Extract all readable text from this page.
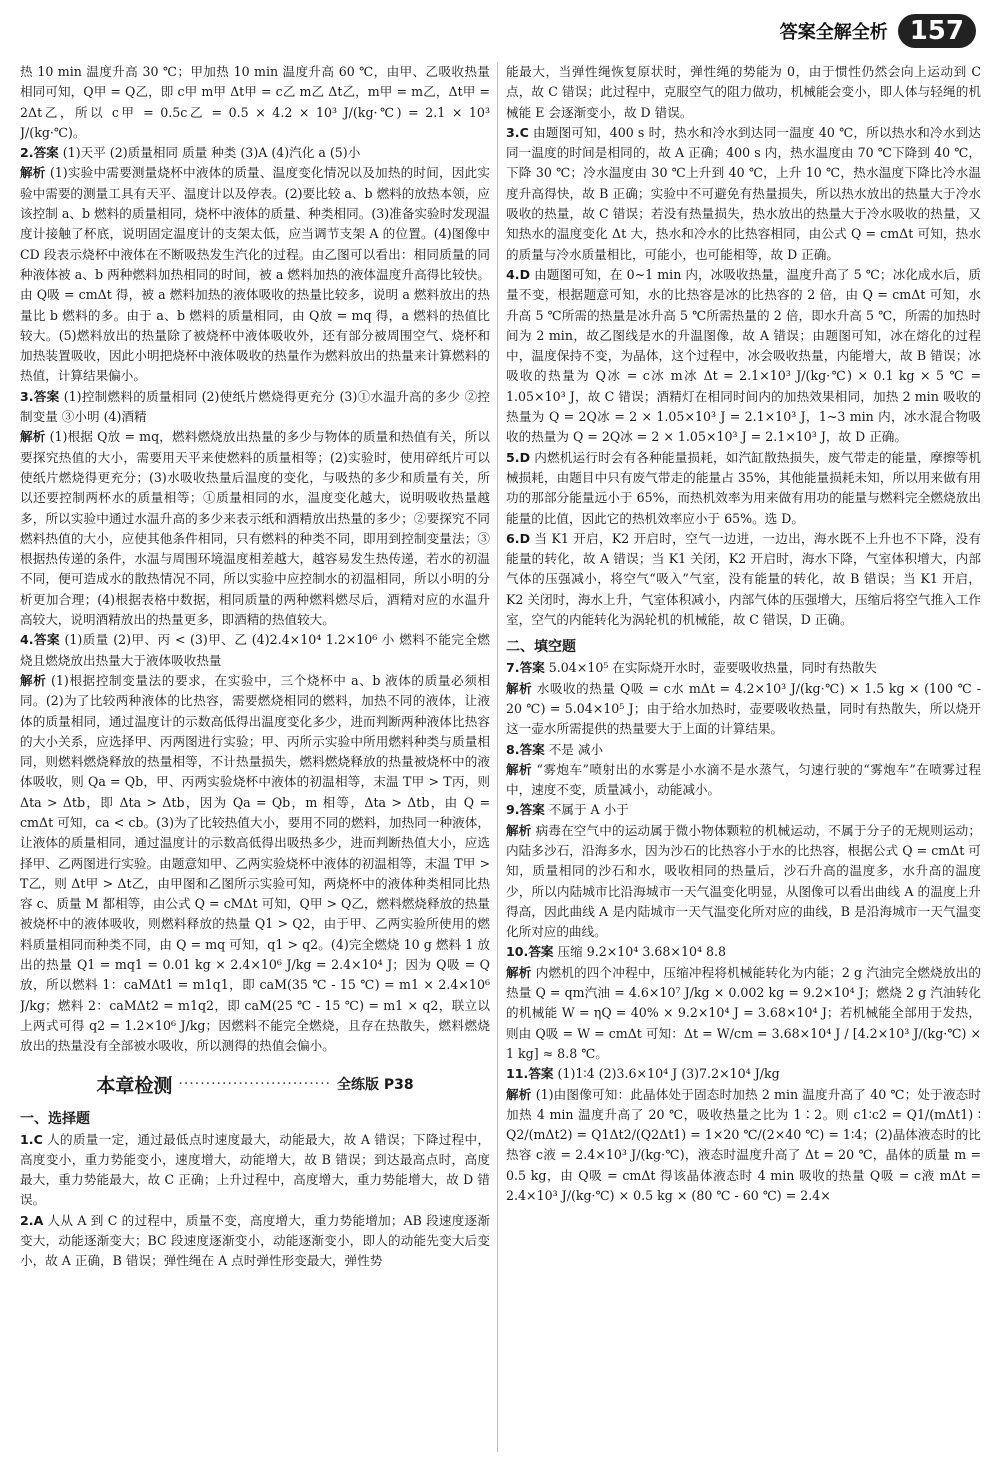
答案全解全析 157

热 10 min 温度升高 30 ℃；甲加热 10 min 温度升高 60 ℃，由甲、乙吸收热量相同可知，Q甲 = Q乙，即 c甲 m甲 Δt甲 = c乙 m乙 Δt乙，m甲 = m乙，Δt甲 = 2Δt乙，所以 c甲 = 0.5c乙 = 0.5 × 4.2 × 10³ J/(kg·℃) = 2.1 × 10³ J/(kg·℃)。

2.答案 (1)天平 (2)质量相同 质量 种类 (3)A (4)汽化 a (5)小

解析 (1)实验中需要测量烧杯中液体的质量、温度变化情况以及加热的时间，因此实验中需要的测量工具有天平、温度计以及停表。(2)要比较 a、b 燃料的放热本领，应该控制 a、b 燃料的质量相同，烧杯中液体的质量、种类相同。(3)准备实验时发现温度计接触了杯底，说明固定温度计的支架太低，应当调节支架 A 的位置。(4)图像中 CD 段表示烧杯中液体在不断吸热发生汽化的过程。由乙图可以看出：相同质量的同种液体被 a、b 两种燃料加热相同的时间，被 a 燃料加热的液体温度升高得比较快。由 Q吸 = cmΔt 得，被 a 燃料加热的液体吸收的热量比较多，说明 a 燃料放出的热量比 b 燃料的多。由于 a、b 燃料的质量相同，由 Q放 = mq 得，a 燃料的热值比较大。(5)燃料放出的热量除了被烧杯中液体吸收外，还有部分被周围空气、烧杯和加热装置吸收，因此小明把烧杯中液体吸收的热量作为燃料放出的热量来计算燃料的热值，计算结果偏小。

3.答案 (1)控制燃料的质量相同 (2)使纸片燃烧得更充分 (3)①水温升高的多少 ②控制变量 ③小明 (4)酒精

解析 (1)根据 Q放 = mq，燃料燃烧放出热量的多少与物体的质量和热值有关，所以要探究热值的大小，需要用天平来使燃料的质量相等；(2)实验时，使用碎纸片可以使纸片燃烧得更充分；(3)水吸收热量后温度的变化，与吸热的多少和质量有关，所以还要控制两杯水的质量相等；①质量相同的水，温度变化越大，说明吸收热量越多，所以实验中通过水温升高的多少来表示纸和酒精放出热量的多少；②要探究不同燃料热值的大小，应使其他条件相同，只有燃料的种类不同，即用到控制变量法；③根据热传递的条件，水温与周围环境温度相差越大，越容易发生热传递，若水的初温不同，便可造成水的散热情况不同，所以实验中应控制水的初温相同，所以小明的分析更加合理；(4)根据表格中数据，相同质量的两种燃料燃尽后，酒精对应的水温升高较大，说明酒精放出的热量更多，即酒精的热值较大。

4.答案 (1)质量 (2)甲、丙 < (3)甲、乙 (4)2.4×10⁴ 1.2×10⁶ 小 燃料不能完全燃烧且燃烧放出热量大于液体吸收热量

解析 (1)根据控制变量法的要求，在实验中，三个烧杯中 a、b 液体的质量必须相同。(2)为了比较两种液体的比热容，需要燃烧相同的燃料，加热不同的液体，让液体的质量相同，通过温度计的示数高低得出温度变化多少，进而判断两种液体比热容的大小关系，应选择甲、丙两图进行实验；甲、丙所示实验中所用燃料种类与质量相同，则燃料燃烧释放的热量相等，不计热量损失，燃料燃烧释放的热量被烧杯中的液体吸收，则 Qa = Qb，甲、丙两实验烧杯中液体的初温相等，末温 T甲 > T丙，则 Δta > Δtb，即 Δta > Δtb，因为 Qa = Qb，m 相等，Δta > Δtb，由 Q = cmΔt 可知，ca < cb。(3)为了比较热值大小，要用不同的燃料，加热同一种液体，让液体的质量相同，通过温度计的示数高低得出吸热多少，进而判断热值大小，应选择甲、乙两图进行实验。由题意知甲、乙两实验烧杯中液体的初温相等，末温 T甲 > T乙，则 Δt甲 > Δt乙，由甲图和乙图所示实验可知，两烧杯中的液体种类相同比热容 c、质量 M 都相等，由公式 Q = cMΔt 可知，Q甲 > Q乙，燃料燃烧释放的热量被烧杯中的液体吸收，则燃料释放的热量 Q1 > Q2，由于甲、乙两实验所使用的燃料质量相同而种类不同，由 Q = mq 可知，q1 > q2。(4)完全燃烧 10 g 燃料 1 放出的热量 Q1 = mq1 = 0.01 kg × 2.4×10⁶ J/kg = 2.4×10⁴ J；因为 Q吸 = Q放，所以燃料 1：caMΔt1 = m1q1，即 caM(35 ℃ - 15 ℃) = m1 × 2.4×10⁶ J/kg；燃料 2：caMΔt2 = m1q2，即 caM(25 ℃ - 15 ℃) = m1 × q2，联立以上两式可得 q2 = 1.2×10⁶ J/kg；因燃料不能完全燃烧，且存在热散失，燃料燃烧放出的热量没有全部被水吸收，所以测得的热值会偏小。

本章检测 ···························· 全练版 P38
一、选择题

1.C 人的质量一定，通过最低点时速度最大，动能最大，故 A 错误；下降过程中，高度变小，重力势能变小，速度增大，动能增大，故 B 错误；到达最高点时，高度最大，重力势能最大，故 C 正确；上升过程中，高度增大，重力势能增大，故 D 错误。

2.A 人从 A 到 C 的过程中，质量不变，高度增大，重力势能增加；AB 段速度逐渐变大，动能逐渐变大；BC 段速度逐渐变小，动能逐渐变小，即人的动能先变大后变小，故 A 正确，B 错误；弹性绳在 A 点时弹性形变最大，弹性势

能最大，当弹性绳恢复原状时，弹性绳的势能为 0，由于惯性仍然会向上运动到 C 点，故 C 错误；此过程中，克服空气的阻力做功，机械能会变小，即人体与轻绳的机械能 E 会逐渐变小，故 D 错误。

3.C 由题图可知，400 s 时，热水和冷水到达同一温度 40 ℃，所以热水和冷水到达同一温度的时间是相同的，故 A 正确；400 s 内，热水温度由 70 ℃下降到 40 ℃，下降 30 ℃；冷水温度由 30 ℃上升到 40 ℃，上升 10 ℃，热水温度下降比冷水温度升高得快，故 B 正确；实验中不可避免有热量损失，所以热水放出的热量大于冷水吸收的热量，故 C 错误；若没有热量损失，热水放出的热量大于冷水吸收的热量，又知热水的温度变化 Δt 大，热水和冷水的比热容相同，由公式 Q = cmΔt 可知，热水的质量与冷水质量相比，可能小，也可能相等，故 D 正确。

4.D 由题图可知，在 0~1 min 内，冰吸收热量，温度升高了 5 ℃；冰化成水后，质量不变，根据题意可知，水的比热容是冰的比热容的 2 倍，由 Q = cmΔt 可知，水升高 5 ℃所需的热量是冰升高 5 ℃所需热量的 2 倍，即水升高 5 ℃，所需的加热时间为 2 min，故乙图线是水的升温图像，故 A 错误；由题图可知，冰在熔化的过程中，温度保持不变，为晶体，这个过程中，冰会吸收热量，内能增大，故 B 错误；冰吸收的热量为 Q冰 = c冰 m冰 Δt = 2.1×10³ J/(kg·℃) × 0.1 kg × 5 ℃ = 1.05×10³ J，故 C 错误；酒精灯在相同时间内的加热效果相同，加热 2 min 吸收的热量为 Q = 2Q冰 = 2 × 1.05×10³ J = 2.1×10³ J，1~3 min 内，冰水混合物吸收的热量为 Q = 2Q冰 = 2 × 1.05×10³ J = 2.1×10³ J，故 D 正确。

5.D 内燃机运行时会有各种能量损耗，如汽缸散热损失，废气带走的能量，摩擦等机械损耗，由题目中只有废气带走的能量占 35%，其他能量损耗未知，所以用来做有用功的那部分能量远小于 65%，而热机效率为用来做有用功的能量与燃料完全燃烧放出能量的比值，因此它的热机效率应小于 65%。选 D。

6.D 当 K1 开启，K2 开启时，空气一边进，一边出，海水既不上升也不下降，没有能量的转化，故 A 错误；当 K1 关闭，K2 开启时，海水下降，气室体积增大，内部气体的压强减小，将空气“吸入”气室，没有能量的转化，故 B 错误；当 K1 开启，K2 关闭时，海水上升，气室体积减小，内部气体的压强增大，压缩后将空气推入工作室，空气的内能转化为涡轮机的机械能，故 C 错误，D 正确。

二、填空题

7.答案 5.04×10⁵ 在实际烧开水时，壶要吸收热量，同时有热散失

解析 水吸收的热量 Q吸 = c水 mΔt = 4.2×10³ J/(kg·℃) × 1.5 kg × (100 ℃ - 20 ℃) = 5.04×10⁵ J；由于给水加热时，壶要吸收热量，同时有热散失，所以烧开这一壶水所需提供的热量要大于上面的计算结果。

8.答案 不是 减小

解析 “雾炮车”喷射出的水雾是小水滴不是水蒸气，匀速行驶的“雾炮车”在喷雾过程中，速度不变，质量减小，动能减小。

9.答案 不属于 A 小于

解析 病毒在空气中的运动属于微小物体颗粒的机械运动，不属于分子的无规则运动；内陆多沙石，沿海多水，因为沙石的比热容小于水的比热容，根据公式 Q = cmΔt 可知，质量相同的沙石和水，吸收相同的热量后，沙石升高的温度多，水升高的温度少，所以内陆城市比沿海城市一天气温变化明显，从图像可以看出曲线 A 的温度上升得高，因此曲线 A 是内陆城市一天气温变化所对应的曲线，B 是沿海城市一天气温变化所对应的曲线。

10.答案 压缩 9.2×10⁴ 3.68×10⁴ 8.8

解析 内燃机的四个冲程中，压缩冲程将机械能转化为内能；2 g 汽油完全燃烧放出的热量 Q = qm汽油 = 4.6×10⁷ J/kg × 0.002 kg = 9.2×10⁴ J；燃烧 2 g 汽油转化的机械能 W = ηQ = 40% × 9.2×10⁴ J = 3.68×10⁴ J；若机械能全部用于发热，则由 Q吸 = W = cmΔt 可知：Δt = W/cm = 3.68×10⁴ J / [4.2×10³ J/(kg·℃) × 1 kg] ≈ 8.8 ℃。

11.答案 (1)1∶4 (2)3.6×10⁴ J (3)7.2×10⁴ J/kg

解析 (1)由图像可知：此晶体处于固态时加热 2 min 温度升高了 40 ℃；处于液态时加热 4 min 温度升高了 20 ℃，吸收热量之比为 1∶2。则 c1∶c2 = Q1/(mΔt1) ∶ Q2/(mΔt2) = Q1Δt2/(Q2Δt1) = 1×20 ℃/(2×40 ℃) = 1∶4；(2)晶体液态时的比热容 c液 = 2.4×10³ J/(kg·℃)，液态时温度升高了 Δt = 20 ℃，晶体的质量 m = 0.5 kg，由 Q吸 = cmΔt 得该晶体液态时 4 min 吸收的热量 Q吸 = c液 mΔt = 2.4×10³ J/(kg·℃) × 0.5 kg × (80 ℃ - 60 ℃) = 2.4×
